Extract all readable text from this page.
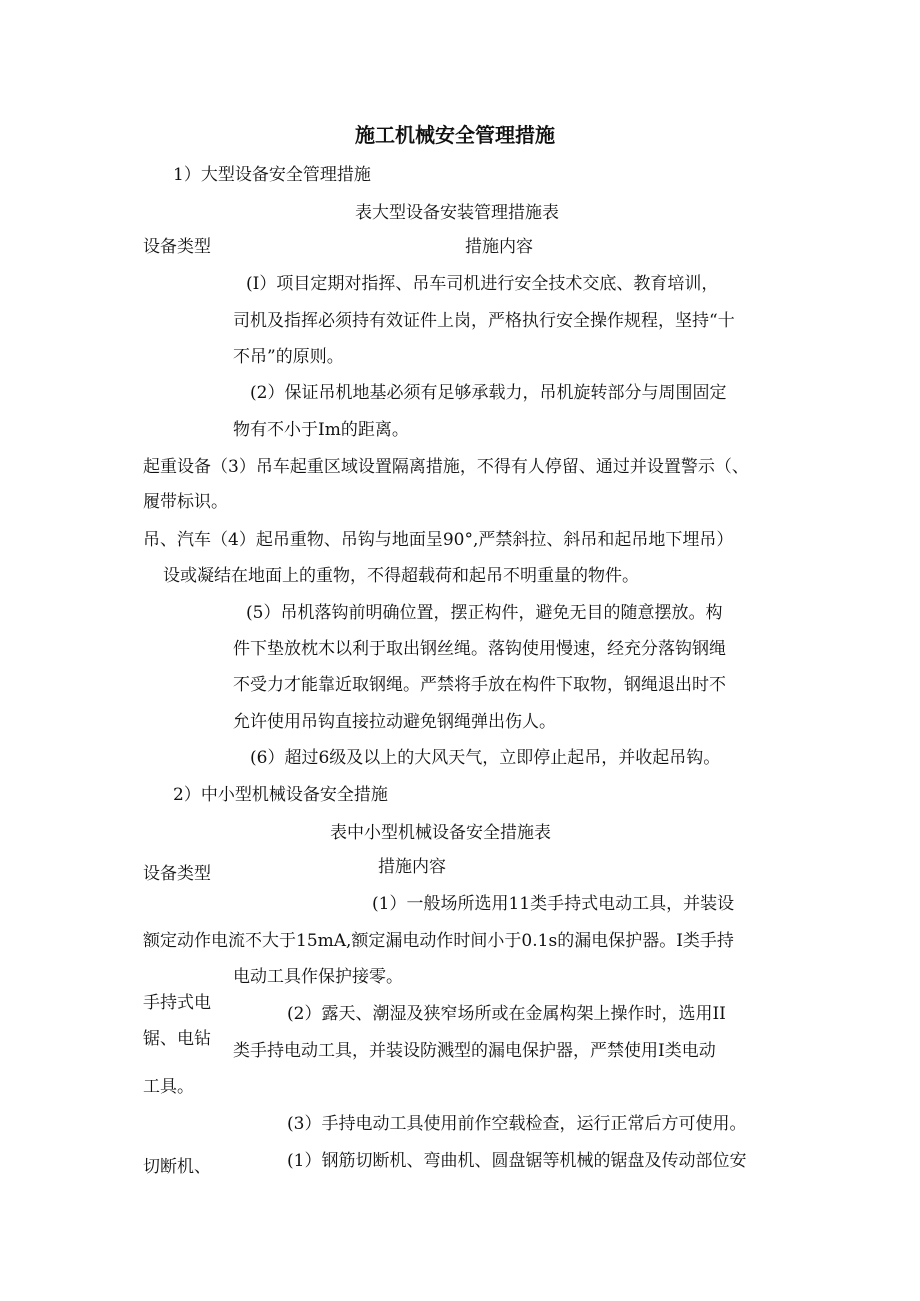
施工机械安全管理措施
1）大型设备安全管理措施
表大型设备安装管理措施表
设备类型	措施内容
(I）项目定期对指挥、吊车司机进行安全技术交底、教育培训，
司机及指挥必须持有效证件上岗，严格执行安全操作规程，坚持“十
不吊”的原则。
(2）保证吊机地基必须有足够承载力，吊机旋转部分与周围固定
物有不小于Im的距离。
起重设备（3）吊车起重区域设置隔离措施，不得有人停留、通过并设置警示（、
履带标识。
吊、汽车（4）起吊重物、吊钩与地面呈90°,严禁斜拉、斜吊和起吊地下埋吊）
设或凝结在地面上的重物，不得超载荷和起吊不明重量的物件。
(5）吊机落钩前明确位置，摆正构件，避免无目的随意摆放。构
件下垫放枕木以利于取出钢丝绳。落钩使用慢速，经充分落钩钢绳
不受力才能靠近取钢绳。严禁将手放在构件下取物，钢绳退出时不
允许使用吊钩直接拉动避免钢绳弹出伤人。
(6）超过6级及以上的大风天气，立即停止起吊，并收起吊钩。
2）中小型机械设备安全措施
表中小型机械设备安全措施表
措施内容
设备类型
(1）一般场所选用11类手持式电动工具，并装设
额定动作电流不大于15mA,额定漏电动作时间小于0.1s的漏电保护器。I类手持
电动工具作保护接零。
手持式电
(2）露天、潮湿及狭窄场所或在金属构架上操作时，选用II
锯、电钻
类手持电动工具，并装设防溅型的漏电保护器，严禁使用I类电动
工具。
(3）手持电动工具使用前作空载检查，运行正常后方可使用。
切断机、	(1）钢筋切断机、弯曲机、圆盘锯等机械的锯盘及传动部位安
